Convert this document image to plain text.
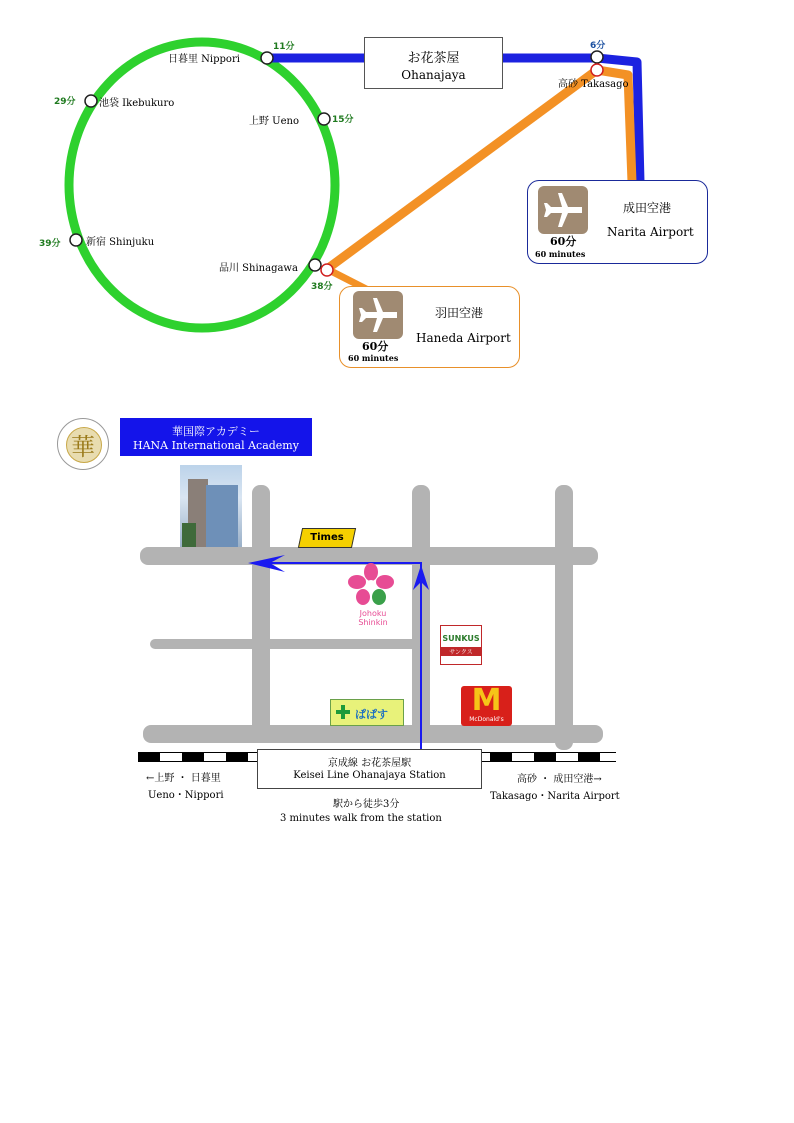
日暮里 Nippori
11分
池袋 Ikebukuro
29分
上野 Ueno	15分
新宿 Shinjuku
39分
品川 Shinagawa
38分
高砂 Takasago
6分
お花茶屋
Ohanajaya
60分
60 minutes
成田空港
Narita Airport
60分
60 minutes
羽田空港
Haneda Airport
華
華国際アカデミー
HANA International Academy
Times
Johoku
Shinkin
SUNKUS
サンクス
ぱぱす	M
McDonald's
京成線 お花茶屋駅
Keisei Line Ohanajaya Station
←上野 ・ 日暮里
Ueno・Nippori
高砂 ・ 成田空港→
Takasago・Narita Airport
駅から徒歩3分
3 minutes walk from the station
